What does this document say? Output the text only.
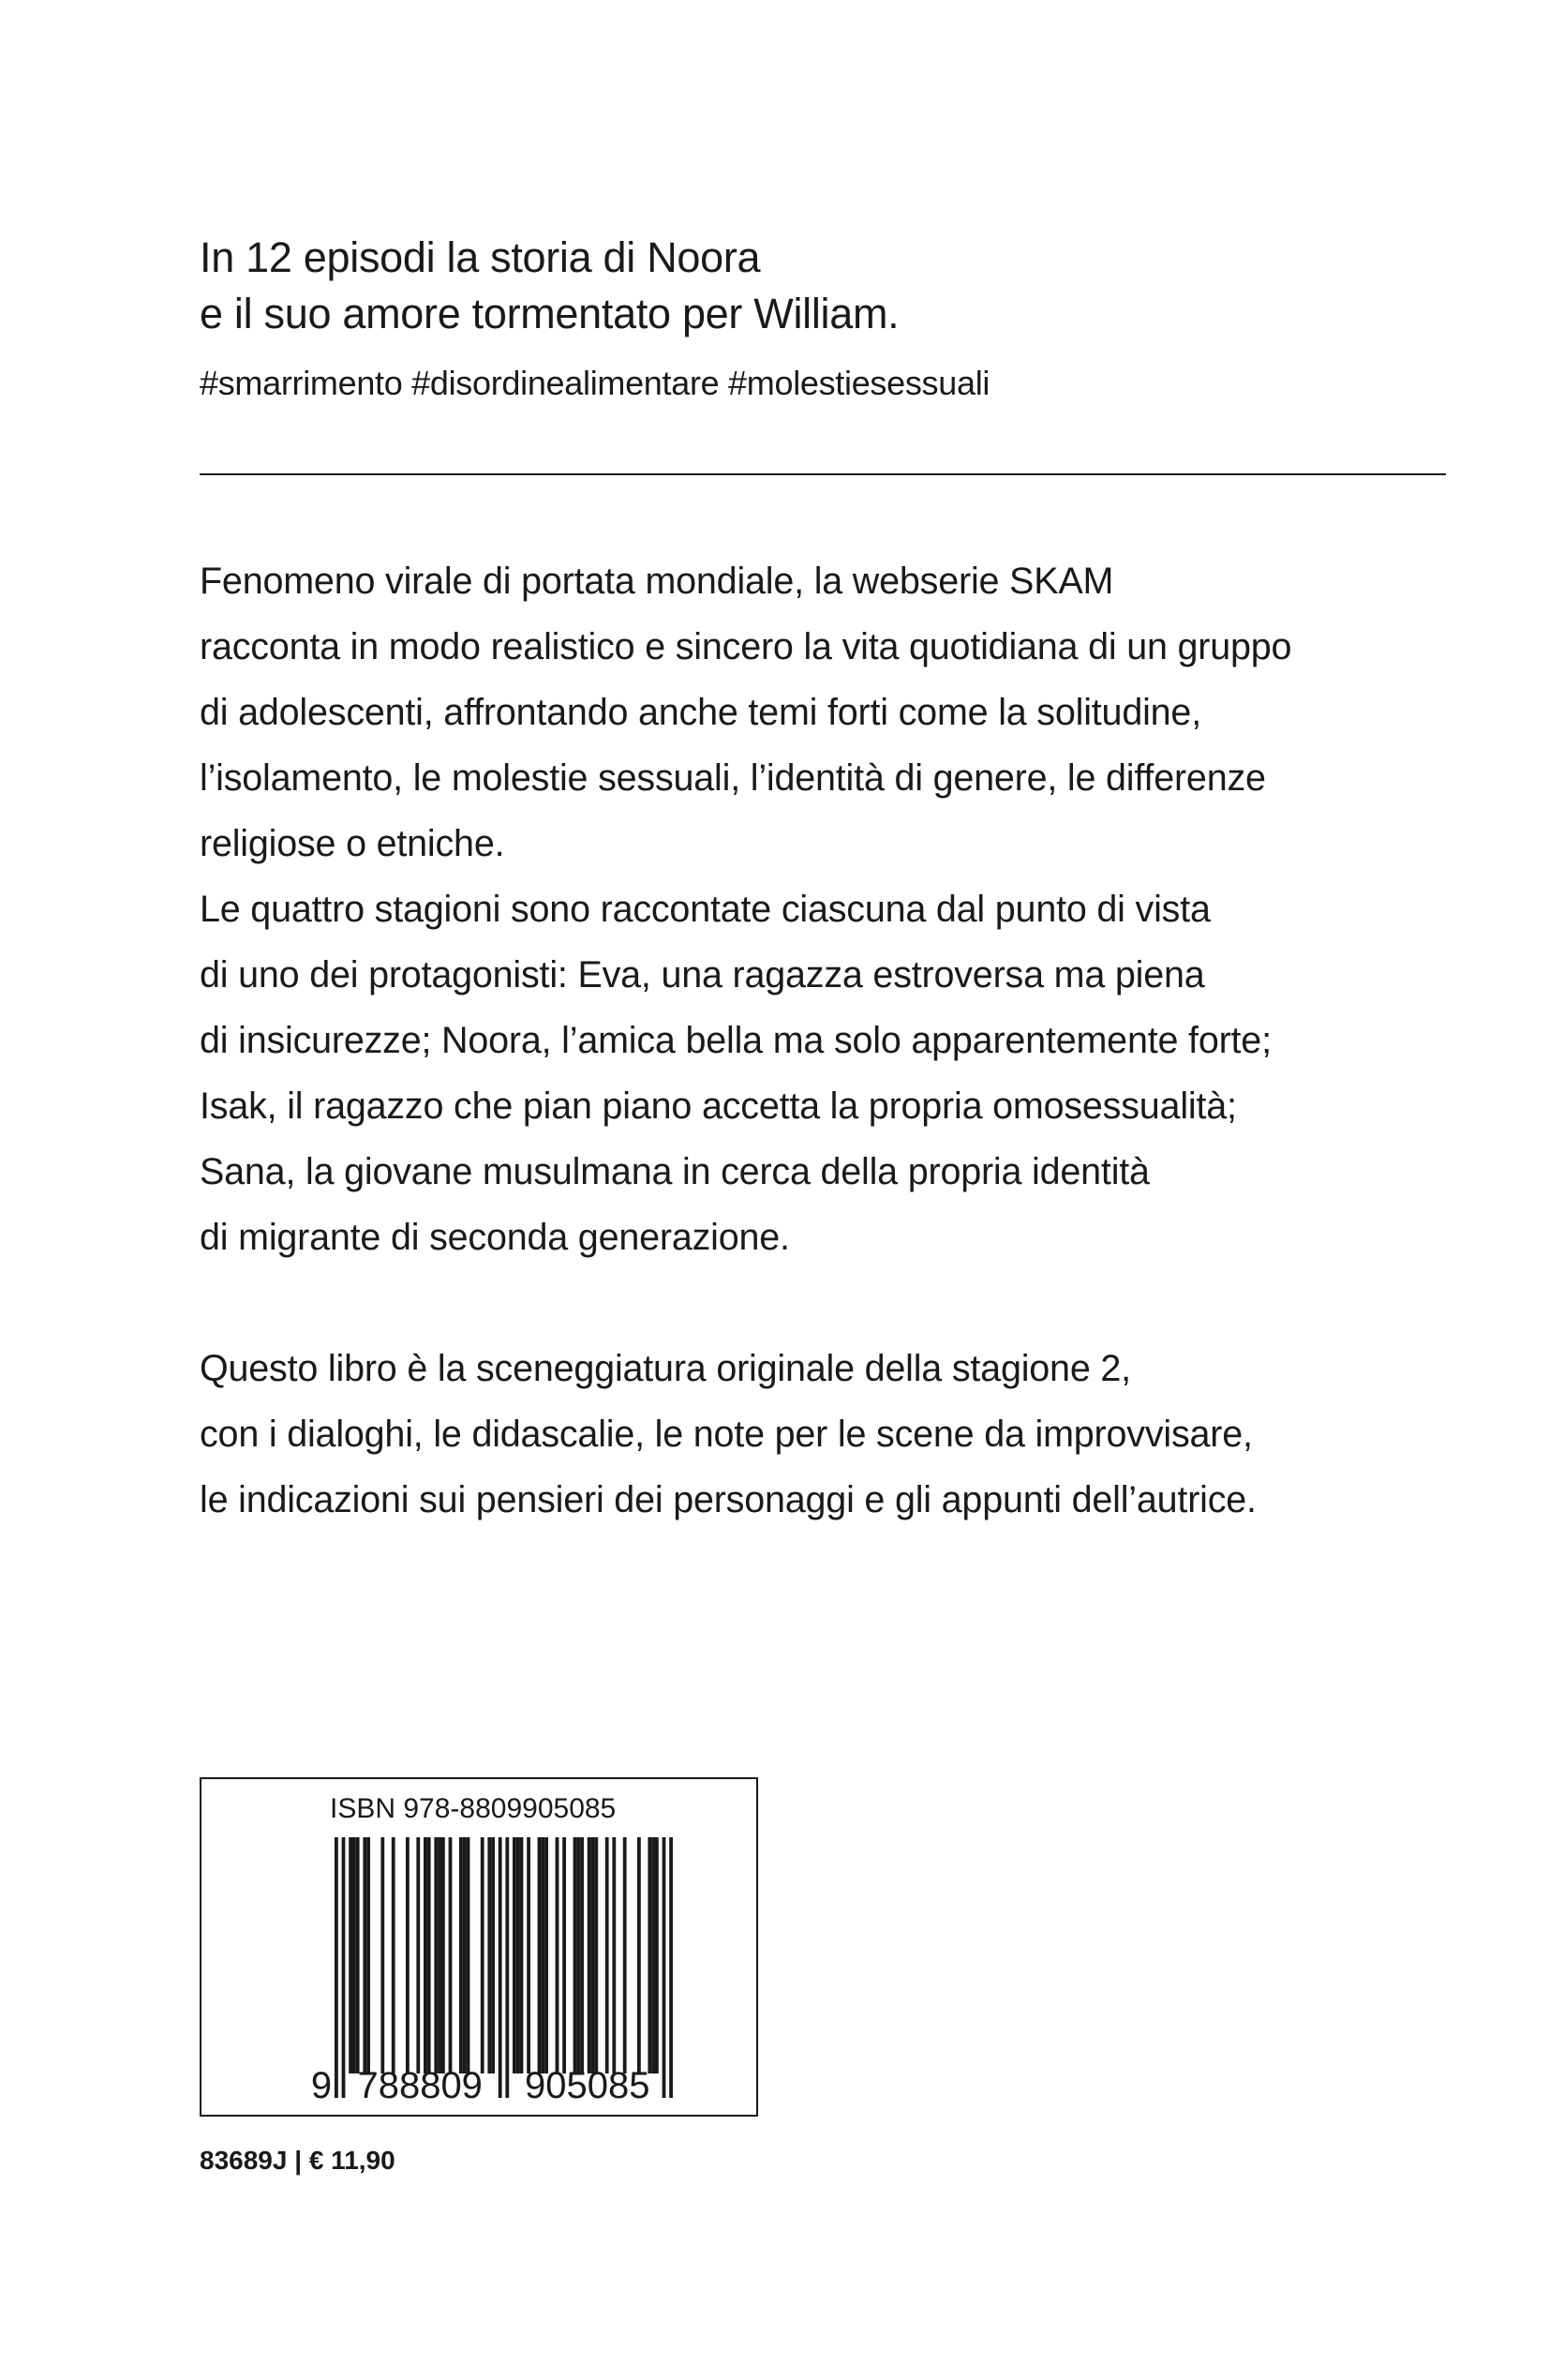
In 12 episodi la storia di Noora
e il suo amore tormentato per William.
#smarrimento #disordinealimentare #molestiesessuali

Fenomeno virale di portata mondiale, la webserie SKAM

racconta in modo realistico e sincero la vita quotidiana di un gruppo

di adolescenti, affrontando anche temi forti come la solitudine,

l’isolamento, le molestie sessuali, l’identità di genere, le differenze

religiose o etniche.

Le quattro stagioni sono raccontate ciascuna dal punto di vista

di uno dei protagonisti: Eva, una ragazza estroversa ma piena

di insicurezze; Noora, l’amica bella ma solo apparentemente forte;

Isak, il ragazzo che pian piano accetta la propria omosessualità;

Sana, la giovane musulmana in cerca della propria identità

di migrante di seconda generazione.

Questo libro è la sceneggiatura originale della stagione 2,

con i dialoghi, le didascalie, le note per le scene da improvvisare,

le indicazioni sui pensieri dei personaggi e gli appunti dell’autrice.

ISBN 978-8809905085
9 788809 905085
83689J | € 11,90
